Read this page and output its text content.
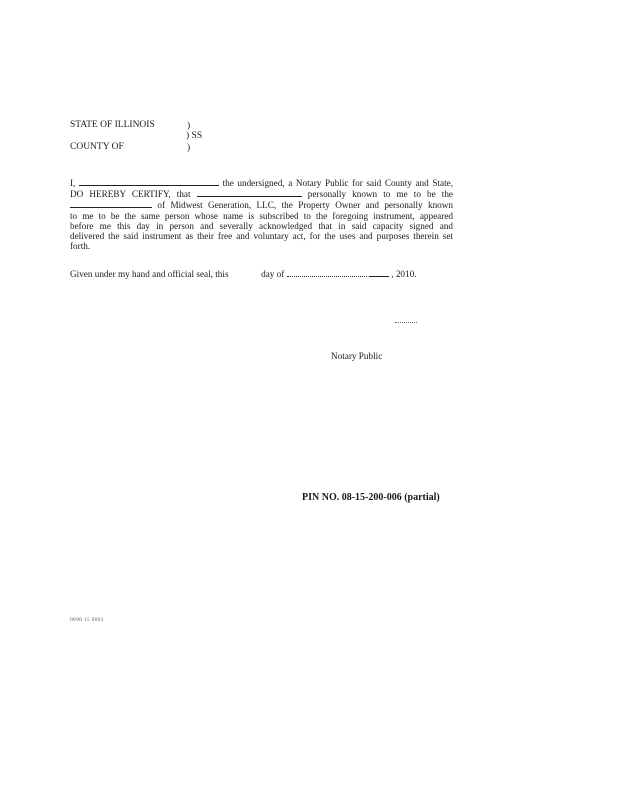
STATE OF ILLINOIS	)
) SS
COUNTY OF	)
I,	the undersigned, a Notary Public for said County and State,
DO HEREBY CERTIFY, that	personally known to me to be the
of Midwest Generation, LLC, the Property Owner and personally known
to me to be the same person whose name is subscribed to the foregoing instrument, appeared
before me this day in person and severally acknowledged that in said capacity signed and
delivered the said instrument as their free and voluntary act, for the uses and purposes therein set
forth.
Given under my hand and official seal, this	day of	, 2010.
Notary Public
PIN NO. 08-15-200-006 (partial)
0098 15 0001
